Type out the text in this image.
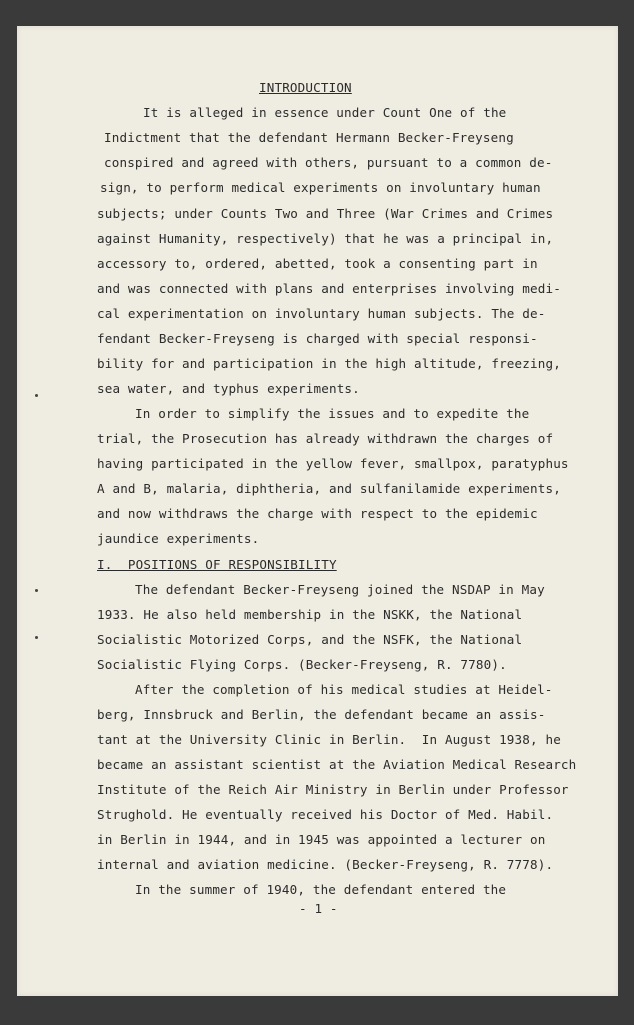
INTRODUCTION
It is alleged in essence under Count One of the
Indictment that the defendant Hermann Becker-Freyseng
conspired and agreed with others, pursuant to a common de-
sign, to perform medical experiments on involuntary human
subjects; under Counts Two and Three (War Crimes and Crimes
against Humanity, respectively) that he was a principal in,
accessory to, ordered, abetted, took a consenting part in
and was connected with plans and enterprises involving medi-
cal experimentation on involuntary human subjects. The de-
fendant Becker-Freyseng is charged with special responsi-
bility for and participation in the high altitude, freezing,
sea water, and typhus experiments.
In order to simplify the issues and to expedite the
trial, the Prosecution has already withdrawn the charges of
having participated in the yellow fever, smallpox, paratyphus
A and B, malaria, diphtheria, and sulfanilamide experiments,
and now withdraws the charge with respect to the epidemic
jaundice experiments.
I.  POSITIONS OF RESPONSIBILITY
The defendant Becker-Freyseng joined the NSDAP in May
1933. He also held membership in the NSKK, the National
Socialistic Motorized Corps, and the NSFK, the National
Socialistic Flying Corps. (Becker-Freyseng, R. 7780).
After the completion of his medical studies at Heidel-
berg, Innsbruck and Berlin, the defendant became an assis-
tant at the University Clinic in Berlin.  In August 1938, he
became an assistant scientist at the Aviation Medical Research
Institute of the Reich Air Ministry in Berlin under Professor
Strughold. He eventually received his Doctor of Med. Habil.
in Berlin in 1944, and in 1945 was appointed a lecturer on
internal and aviation medicine. (Becker-Freyseng, R. 7778).
In the summer of 1940, the defendant entered the
- 1 -
